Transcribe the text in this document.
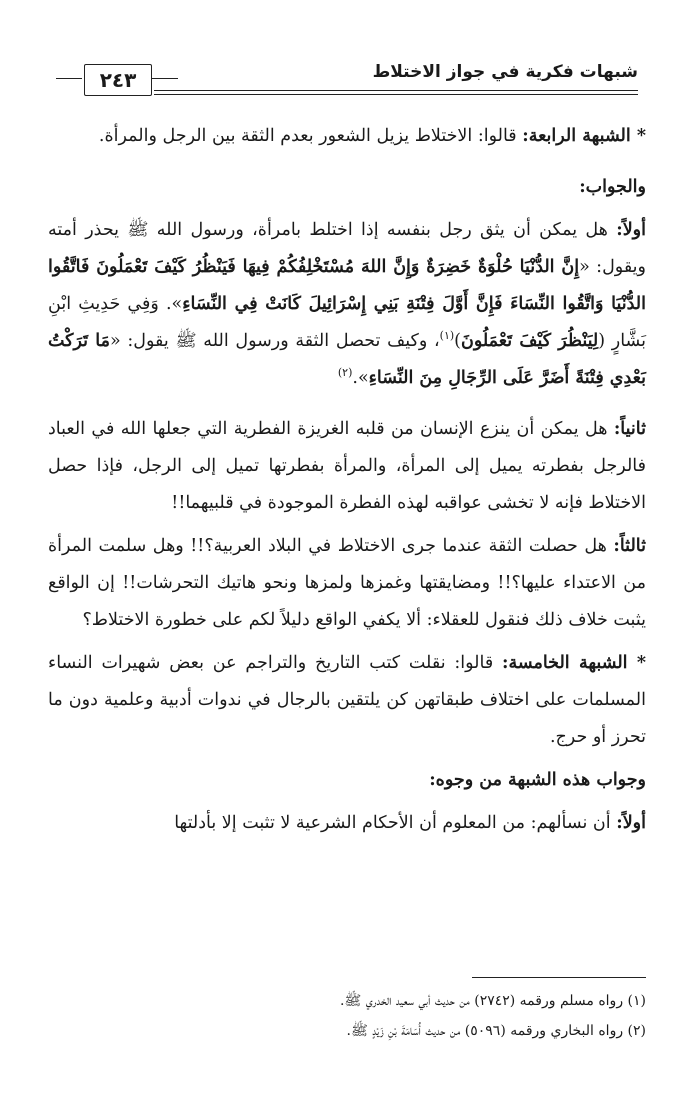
شبهات فكرية في جواز الاختلاط
٢٤٣

* الشبهة الرابعة: قالوا: الاختلاط يزيل الشعور بعدم الثقة بين الرجل والمرأة.

والجواب:

أولاً: هل يمكن أن يثق رجل بنفسه إذا اختلط بامرأة، ورسول الله ﷺ يحذر أمته ويقول: «إِنَّ الدُّنْيَا حُلْوَةٌ خَضِرَةٌ وَإِنَّ اللهَ مُسْتَخْلِفُكُمْ فِيهَا فَيَنْظُرُ كَيْفَ تَعْمَلُونَ فَاتَّقُوا الدُّنْيَا وَاتَّقُوا النِّسَاءَ فَإِنَّ أَوَّلَ فِتْنَةِ بَنِي إِسْرَائِيلَ كَانَتْ فِي النِّسَاءِ». وَفِي حَدِيثِ ابْنِ بَشَّارٍ (لِيَنْظُرَ كَيْفَ تَعْمَلُونَ)$^{(١)}$، وكيف تحصل الثقة ورسول الله ﷺ يقول: «مَا تَرَكْتُ بَعْدِي فِتْنَةً أَضَرَّ عَلَى الرِّجَالِ مِنَ النِّسَاءِ».$^{(٢)}$

ثانياً: هل يمكن أن ينزع الإنسان من قلبه الغريزة الفطرية التي جعلها الله في العباد فالرجل بفطرته يميل إلى المرأة، والمرأة بفطرتها تميل إلى الرجل، فإذا حصل الاختلاط فإنه لا تخشى عواقبه لهذه الفطرة الموجودة في قلبيهما!!

ثالثاً: هل حصلت الثقة عندما جرى الاختلاط في البلاد العربية؟!! وهل سلمت المرأة من الاعتداء عليها؟!! ومضايقتها وغمزها ولمزها ونحو هاتيك التحرشات!! إن الواقع يثبت خلاف ذلك فنقول للعقلاء: ألا يكفي الواقع دليلاً لكم على خطورة الاختلاط؟

* الشبهة الخامسة: قالوا: نقلت كتب التاريخ والتراجم عن بعض شهيرات النساء المسلمات على اختلاف طبقاتهن كن يلتقين بالرجال في ندوات أدبية وعلمية دون ما تحرز أو حرج.

وجواب هذه الشبهة من وجوه:

أولاً: أن نسألهم: من المعلوم أن الأحكام الشرعية لا تثبت إلا بأدلتها

(١) رواه مسلم ورقمه (٢٧٤٢) من حديث أبي سعيد الخدري ﷺ.
(٢) رواه البخاري ورقمه (٥٠٩٦) من حديث أُسَامَةَ بْنِ زَيْدٍ ﷺ.
